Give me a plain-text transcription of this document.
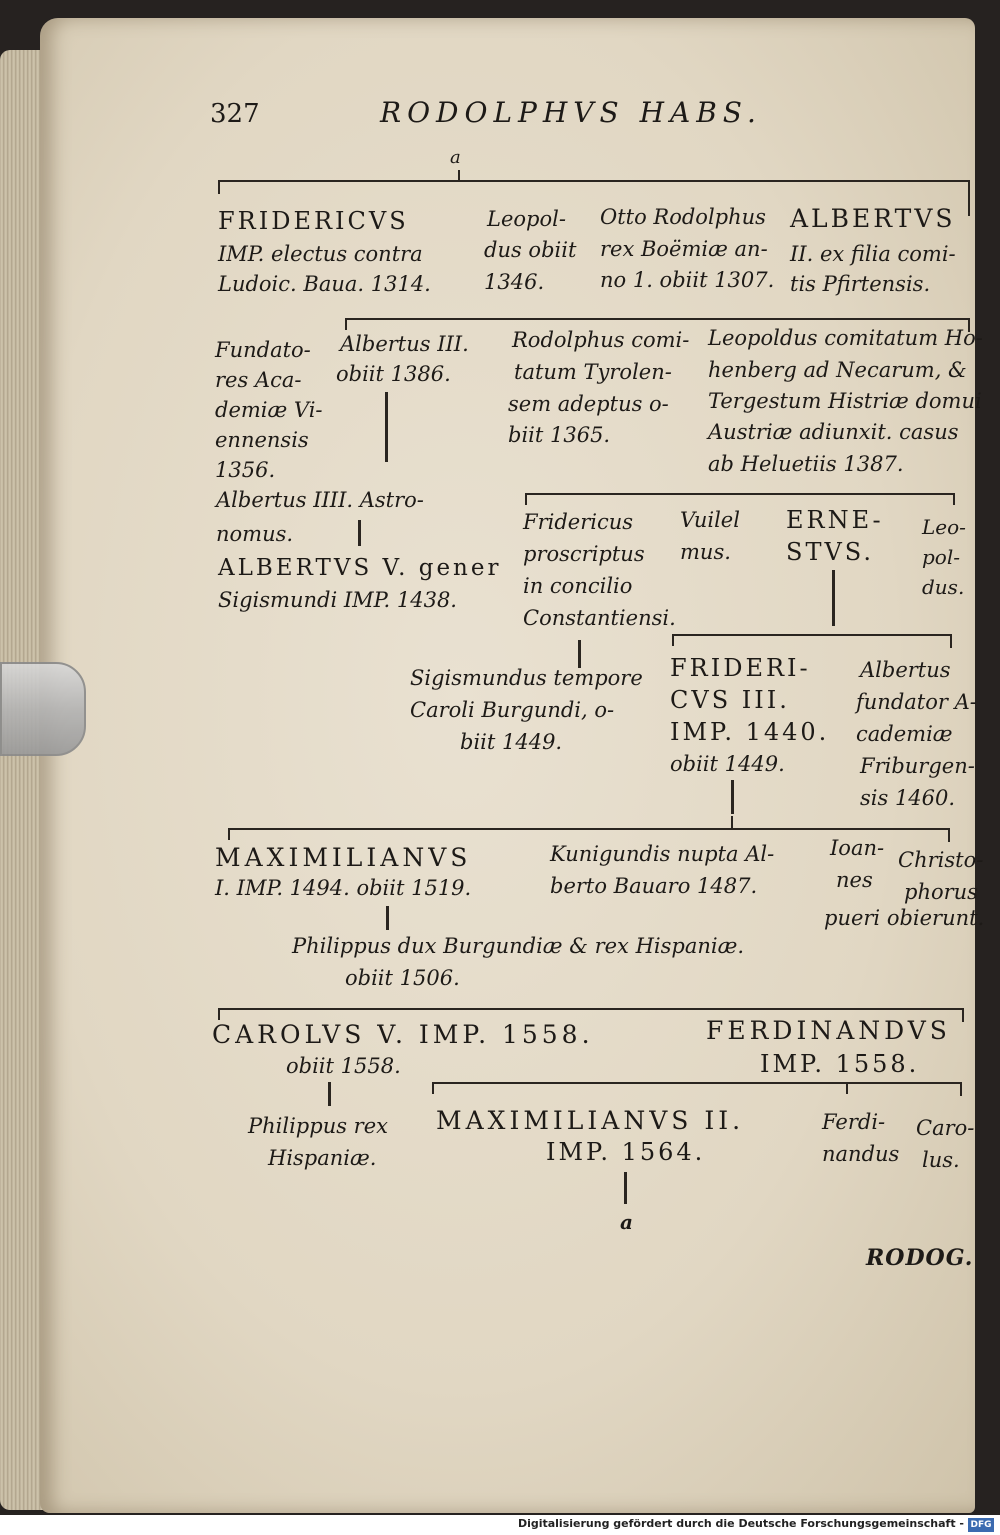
327	RODOLPHVS HABS.
a
FRIDERICVS
IMP. electus contra
Ludoic. Baua. 1314.
Leopol-
dus obiit
1346.
Otto Rodolphus
rex Boëmiæ an-
no 1. obiit 1307.
ALBERTVS
II. ex filia comi-
tis Pfirtensis.
Fundato-
res Aca-
demiæ Vi-
ennensis
1356.
Albertus III.
obiit 1386.
Rodolphus comi-
tatum Tyrolen-
sem adeptus o-
biit 1365.
Leopoldus comitatum Ho-
henberg ad Necarum, &
Tergestum Histriæ domui
Austriæ adiunxit. casus
ab Heluetiis 1387.
Albertus IIII. Astro-
nomus.
ALBERTVS V. gener
Sigismundi IMP. 1438.
Fridericus
proscriptus
in concilio
Constantiensi.
Vuilel
mus.
ERNE-
STVS.
Leo-
pol-
dus.
Sigismundus tempore
Caroli Burgundi, o-
biit 1449.
FRIDERI-
CVS III.
IMP. 1440.
obiit 1449.
Albertus
fundator A-
cademiæ
Friburgen-
sis 1460.
MAXIMILIANVS
I. IMP. 1494. obiit 1519.
Kunigundis nupta Al-
berto Bauaro 1487.
Ioan-
nes
Christo-
phorus
pueri obierunt.
Philippus dux Burgundiæ & rex Hispaniæ.
obiit 1506.
CAROLVS V. IMP. 1558.
obiit 1558.
FERDINANDVS
IMP. 1558.
Philippus rex
Hispaniæ.
MAXIMILIANVS II.
IMP. 1564.
Ferdi-
nandus
Caro-
lus.
a
RODOG.
Digitalisierung gefördert durch die Deutsche Forschungsgemeinschaft - DFG
